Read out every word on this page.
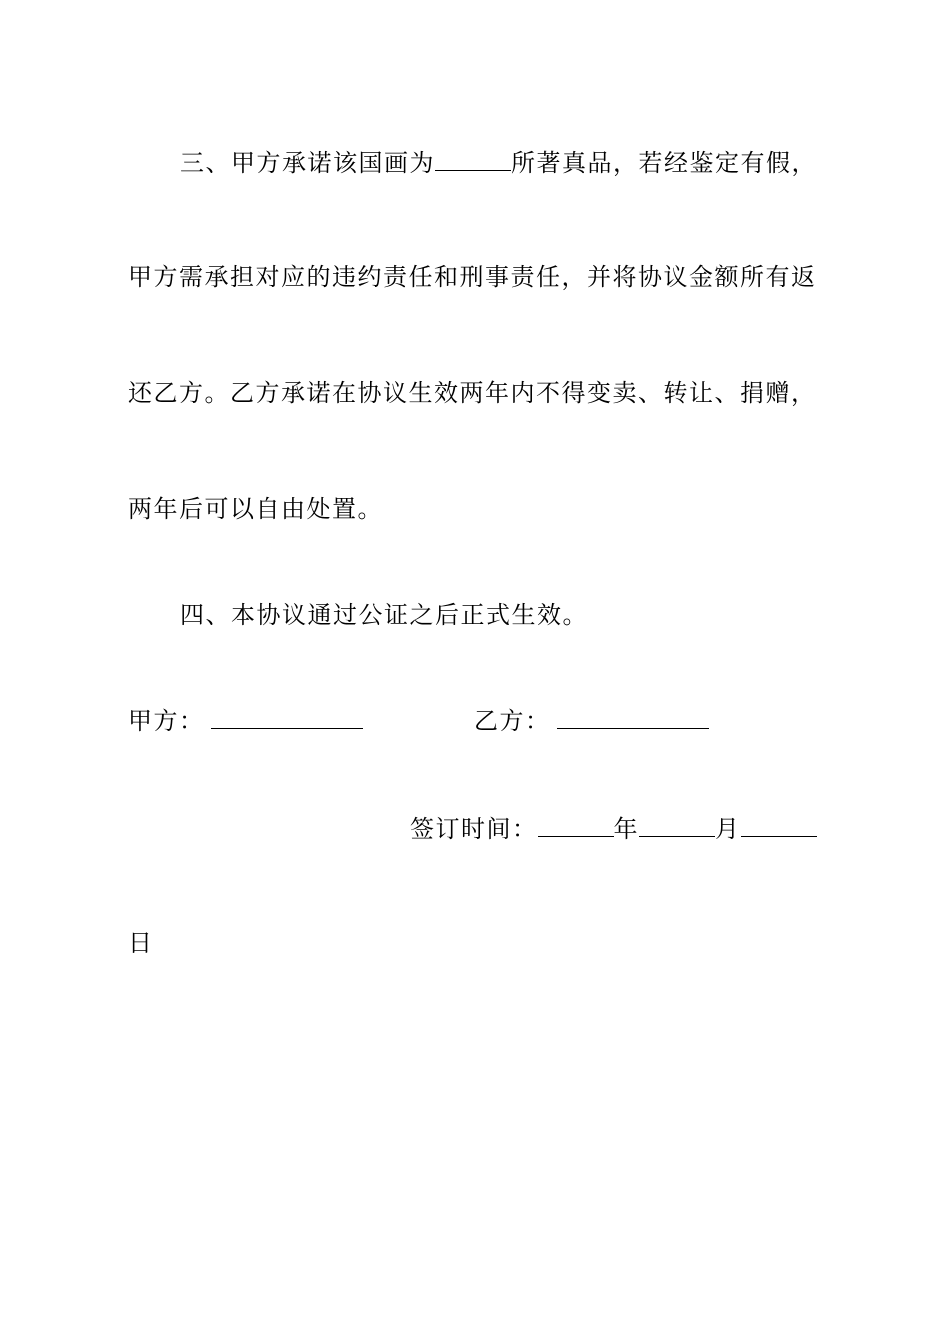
三、甲方承诺该国画为	所著真品，若经鉴定有假，
甲方需承担对应的违约责任和刑事责任，并将协议金额所有返
还乙方。乙方承诺在协议生效两年内不得变卖、转让、捐赠，
两年后可以自由处置。
四、本协议通过公证之后正式生效。
甲方：	乙方：
签订时间：	年	月
日
